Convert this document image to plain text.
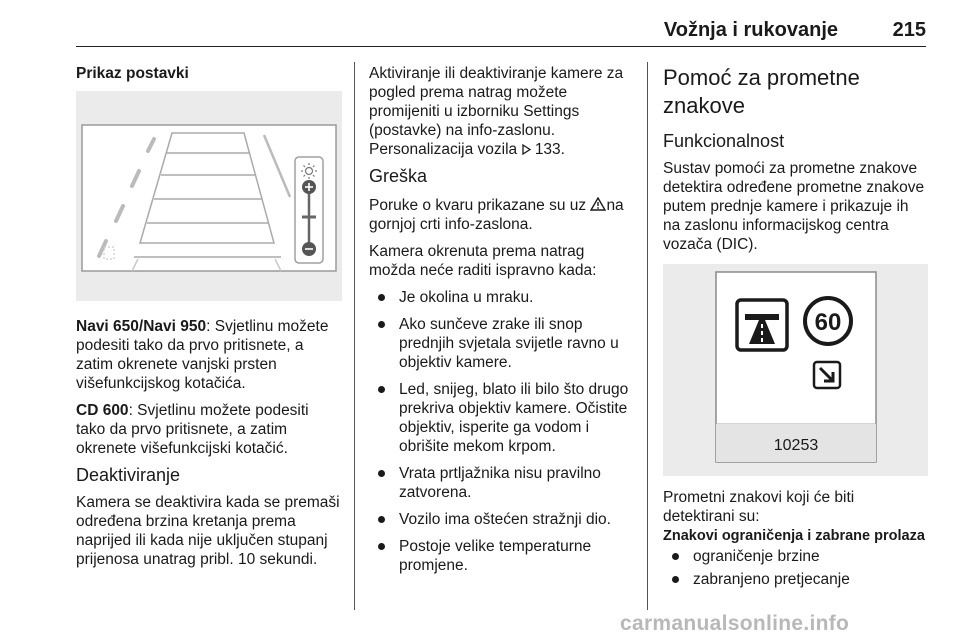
Vožnja i rukovanje	215

Prikaz postavki

Navi 650/Navi 950: Svjetlinu možete podesiti tako da prvo pritisnete, a zatim okrenete vanjski prsten višefunkcijskog kotačića.

CD 600: Svjetlinu možete podesiti tako da prvo pritisnete, a zatim okrenete višefunkcijski kotačić.

Deaktiviranje

Kamera se deaktivira kada se premaši određena brzina kretanja prema naprijed ili kada nije uključen stupanj prijenosa unatrag pribl. 10 sekundi.

Aktiviranje ili deaktiviranje kamere za pogled prema natrag možete promijeniti u izborniku Settings (postavke) na info-zaslonu.

Personalizacija vozila 133.

Greška

Poruke o kvaru prikazane su uz na gornjoj crti info-zaslona.

Kamera okrenuta prema natrag možda neće raditi ispravno kada:

Je okolina u mraku.
Ako sunčeve zrake ili snop prednjih svjetala svijetle ravno u objektiv kamere.
Led, snijeg, blato ili bilo što drugo prekriva objektiv kamere. Očistite objektiv, isperite ga vodom i obrišite mekom krpom.
Vrata prtljažnika nisu pravilno zatvorena.
Vozilo ima oštećen stražnji dio.
Postoje velike temperaturne promjene.
Pomoć za prometne znakove
Funkcionalnost

Sustav pomoći za prometne znakove detektira određene prometne znakove putem prednje kamere i prikazuje ih na zaslonu informacijskog centra vozača (DIC).

60
10253

Prometni znakovi koji će biti detektirani su:

Znakovi ograničenja i zabrane prolaza

ograničenje brzine
zabranjeno pretjecanje
carmanualsonline.info
